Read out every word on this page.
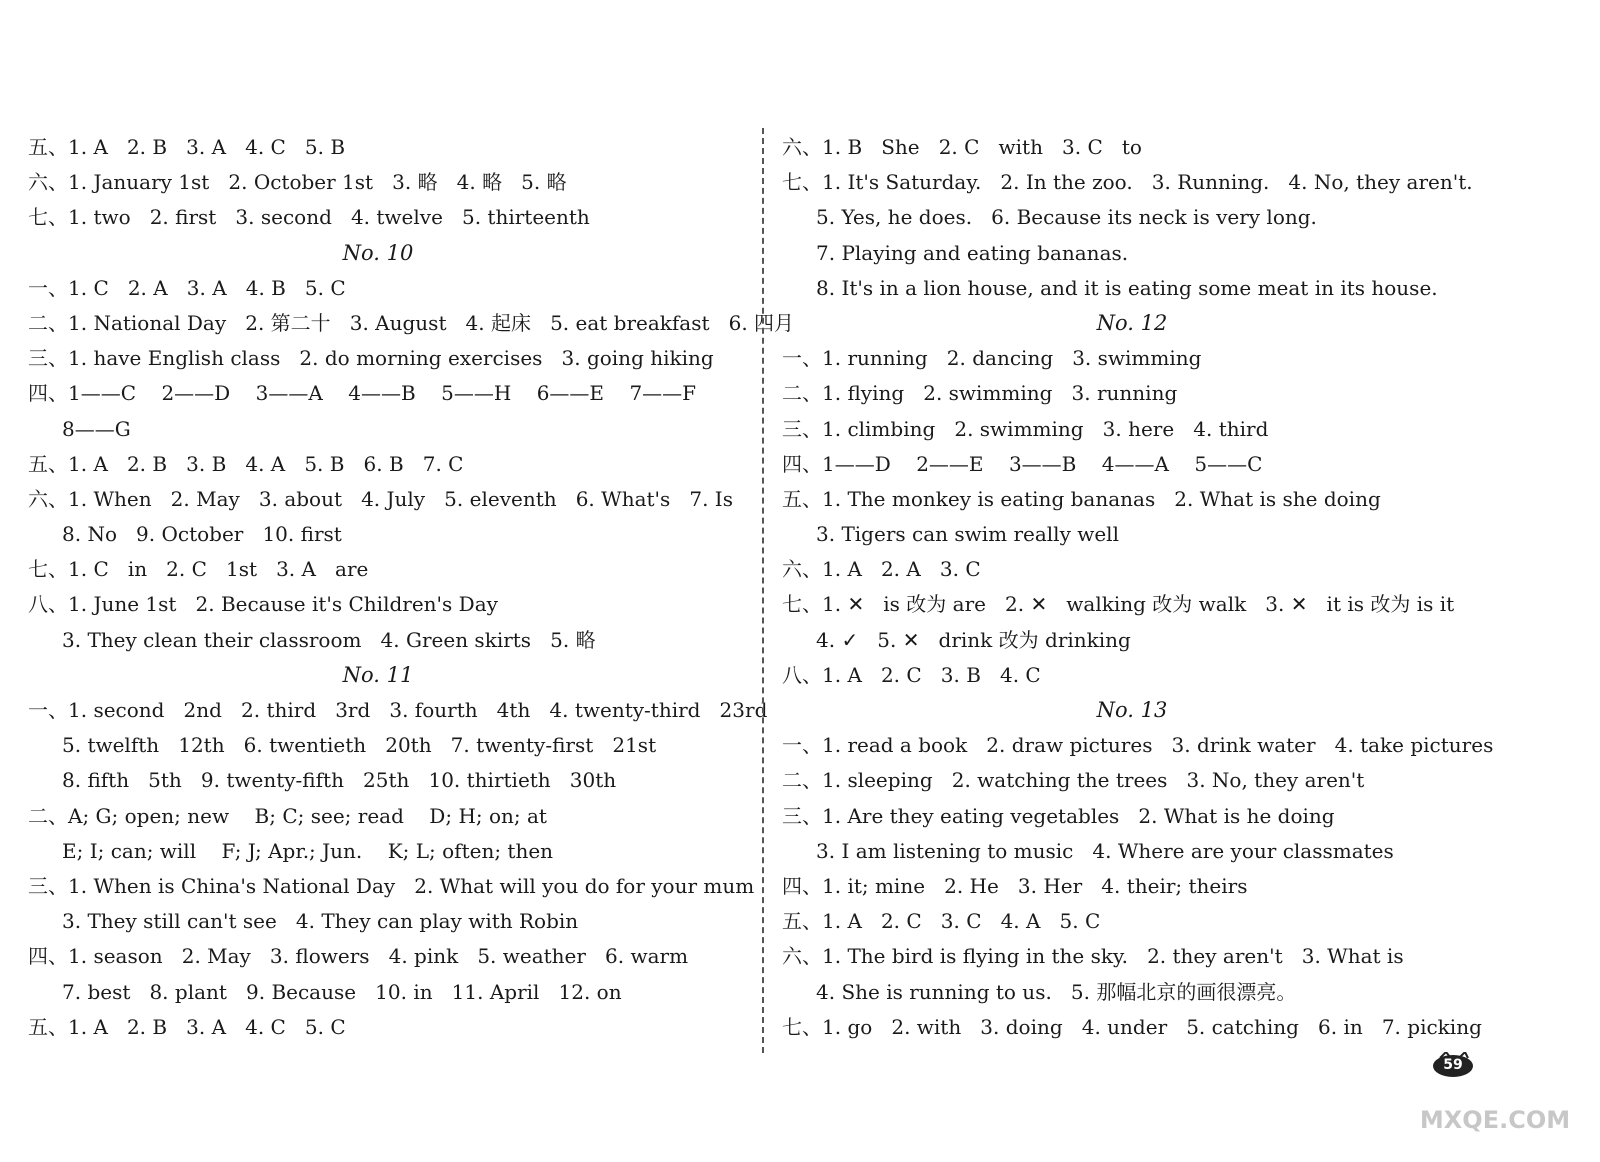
五、1. A   2. B   3. A   4. C   5. B
六、1. January 1st   2. October 1st   3. 略   4. 略   5. 略
七、1. two   2. first   3. second   4. twelve   5. thirteenth
No. 10
一、1. C   2. A   3. A   4. B   5. C
二、1. National Day   2. 第二十   3. August   4. 起床   5. eat breakfast   6. 四月
三、1. have English class   2. do morning exercises   3. going hiking
四、1——C    2——D    3——A    4——B    5——H    6——E    7——F
8——G
五、1. A   2. B   3. B   4. A   5. B   6. B   7. C
六、1. When   2. May   3. about   4. July   5. eleventh   6. What's   7. Is
8. No   9. October   10. first
七、1. C   in   2. C   1st   3. A   are
八、1. June 1st   2. Because it's Children's Day
3. They clean their classroom   4. Green skirts   5. 略
No. 11
一、1. second   2nd   2. third   3rd   3. fourth   4th   4. twenty-third   23rd
5. twelfth   12th   6. twentieth   20th   7. twenty-first   21st
8. fifth   5th   9. twenty-fifth   25th   10. thirtieth   30th
二、A; G; open; new    B; C; see; read    D; H; on; at
E; I; can; will    F; J; Apr.; Jun.    K; L; often; then
三、1. When is China's National Day   2. What will you do for your mum
3. They still can't see   4. They can play with Robin
四、1. season   2. May   3. flowers   4. pink   5. weather   6. warm
7. best   8. plant   9. Because   10. in   11. April   12. on
五、1. A   2. B   3. A   4. C   5. C
六、1. B   She   2. C   with   3. C   to
七、1. It's Saturday.   2. In the zoo.   3. Running.   4. No, they aren't.
5. Yes, he does.   6. Because its neck is very long.
7. Playing and eating bananas.
8. It's in a lion house, and it is eating some meat in its house.
No. 12
一、1. running   2. dancing   3. swimming
二、1. flying   2. swimming   3. running
三、1. climbing   2. swimming   3. here   4. third
四、1——D    2——E    3——B    4——A    5——C
五、1. The monkey is eating bananas   2. What is she doing
3. Tigers can swim really well
六、1. A   2. A   3. C
七、1. ✕   is 改为 are   2. ✕   walking 改为 walk   3. ✕   it is 改为 is it
4. ✓   5. ✕   drink 改为 drinking
八、1. A   2. C   3. B   4. C
No. 13
一、1. read a book   2. draw pictures   3. drink water   4. take pictures
二、1. sleeping   2. watching the trees   3. No, they aren't
三、1. Are they eating vegetables   2. What is he doing
3. I am listening to music   4. Where are your classmates
四、1. it; mine   2. He   3. Her   4. their; theirs
五、1. A   2. C   3. C   4. A   5. C
六、1. The bird is flying in the sky.   2. they aren't   3. What is
4. She is running to us.   5. 那幅北京的画很漂亮。
七、1. go   2. with   3. doing   4. under   5. catching   6. in   7. picking
59
MXQE.COM
